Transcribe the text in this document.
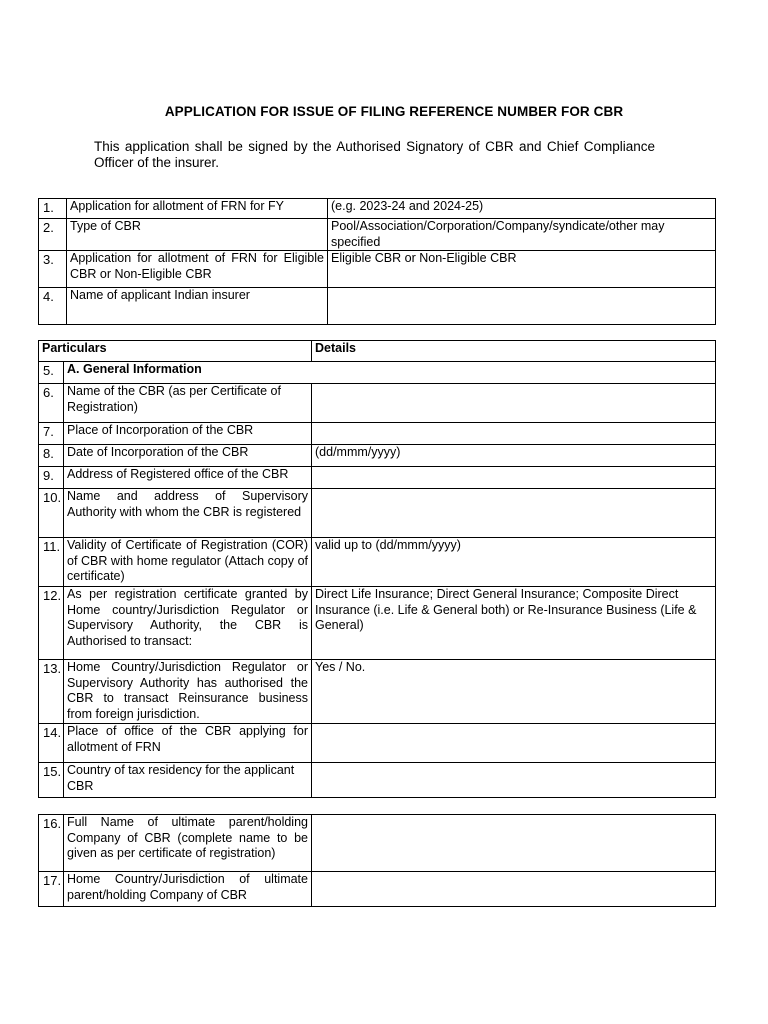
APPLICATION FOR ISSUE OF FILING REFERENCE NUMBER FOR CBR
This application shall be signed by the Authorised Signatory of CBR and Chief Compliance Officer of the insurer.
1.	Application for allotment of FRN for FY	(e.g. 2023-24 and 2024-25)
2.	Type of CBR	Pool/Association/Corporation/Company/syndicate/other may specified
3.	Application for allotment of FRN for Eligible CBR or Non-Eligible CBR	Eligible CBR or Non-Eligible CBR
4.	Name of applicant Indian insurer	
Particulars		Details
5.	A. General Information	
6.	Name of the CBR (as per Certificate of Registration)	
7.	Place of Incorporation of the CBR	
8.	Date of Incorporation of the CBR	(dd/mmm/yyyy)
9.	Address of Registered office of the CBR	
10.	Name and address of Supervisory Authority with whom the CBR is registered	
11.	Validity of Certificate of Registration (COR) of CBR with home regulator (Attach copy of certificate)	valid up to (dd/mmm/yyyy)
12.	As per registration certificate granted by Home country/Jurisdiction Regulator or Supervisory Authority, the CBR is Authorised to transact:	Direct Life Insurance; Direct General Insurance; Composite Direct Insurance (i.e. Life & General both) or Re-Insurance Business (Life & General)
13.	Home Country/Jurisdiction Regulator or Supervisory Authority has authorised the CBR to transact Reinsurance business from foreign jurisdiction.	Yes / No.
14.	Place of office of the CBR applying for allotment of FRN	
15.	Country of tax residency for the applicant CBR	
16.	Full Name of ultimate parent/holding Company of CBR (complete name to be given as per certificate of registration)	
17.	Home Country/Jurisdiction of ultimate parent/holding Company of CBR	
